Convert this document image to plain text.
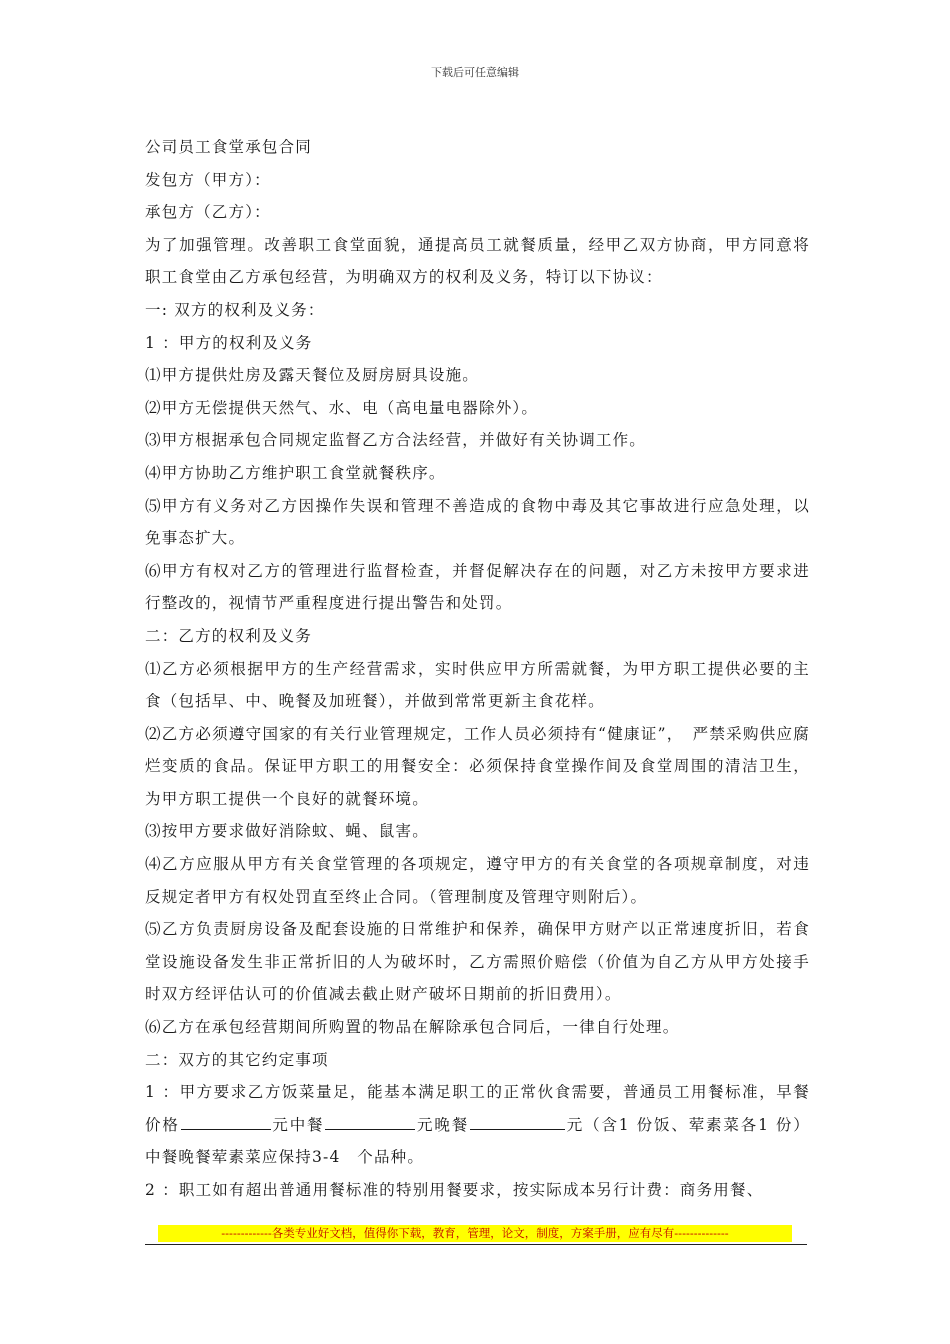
下载后可任意编辑

公司员工食堂承包合同

发包方（甲方）：

承包方（乙方）：

为了加强管理。改善职工食堂面貌，通提高员工就餐质量，经甲乙双方协商，甲方同意将职工食堂由乙方承包经营，为明确双方的权利及义务，特订以下协议：

一: 双方的权利及义务：

1 ：甲方的权利及义务

⑴甲方提供灶房及露天餐位及厨房厨具设施。

⑵甲方无偿提供天然气、水、电（高电量电器除外）。

⑶甲方根据承包合同规定监督乙方合法经营，并做好有关协调工作。

⑷甲方协助乙方维护职工食堂就餐秩序。

⑸甲方有义务对乙方因操作失误和管理不善造成的食物中毒及其它事故进行应急处理，以免事态扩大。

⑹甲方有权对乙方的管理进行监督检查，并督促解决存在的问题，对乙方未按甲方要求进行整改的，视情节严重程度进行提出警告和处罚。

二：乙方的权利及义务

⑴乙方必须根据甲方的生产经营需求，实时供应甲方所需就餐，为甲方职工提供必要的主食（包括早、中、晚餐及加班餐），并做到常常更新主食花样。

⑵乙方必须遵守国家的有关行业管理规定，工作人员必须持有“健康证”，　严禁采购供应腐烂变质的食品。保证甲方职工的用餐安全：必须保持食堂操作间及食堂周围的清洁卫生，为甲方职工提供一个良好的就餐环境。

⑶按甲方要求做好消除蚊、蝇、鼠害。

⑷乙方应服从甲方有关食堂管理的各项规定，遵守甲方的有关食堂的各项规章制度，对违反规定者甲方有权处罚直至终止合同。（管理制度及管理守则附后）。

⑸乙方负责厨房设备及配套设施的日常维护和保养，确保甲方财产以正常速度折旧，若食堂设施设备发生非正常折旧的人为破坏时，乙方需照价赔偿（价值为自乙方从甲方处接手时双方经评估认可的价值减去截止财产破坏日期前的折旧费用）。

⑹乙方在承包经营期间所购置的物品在解除承包合同后，一律自行处理。

二：双方的其它约定事项

1 ：甲方要求乙方饭菜量足，能基本满足职工的正常伙食需要，普通员工用餐标准，早餐价格	元中餐	元晚餐	元（含1 份饭、荤素菜各1 份）中餐晚餐荤素菜应保持3-4　个品种。

2 ：职工如有超出普通用餐标准的特别用餐要求，按实际成本另行计费：商务用餐、

-------------各类专业好文档，值得你下载，教育，管理，论文，制度，方案手册，应有尽有--------------
